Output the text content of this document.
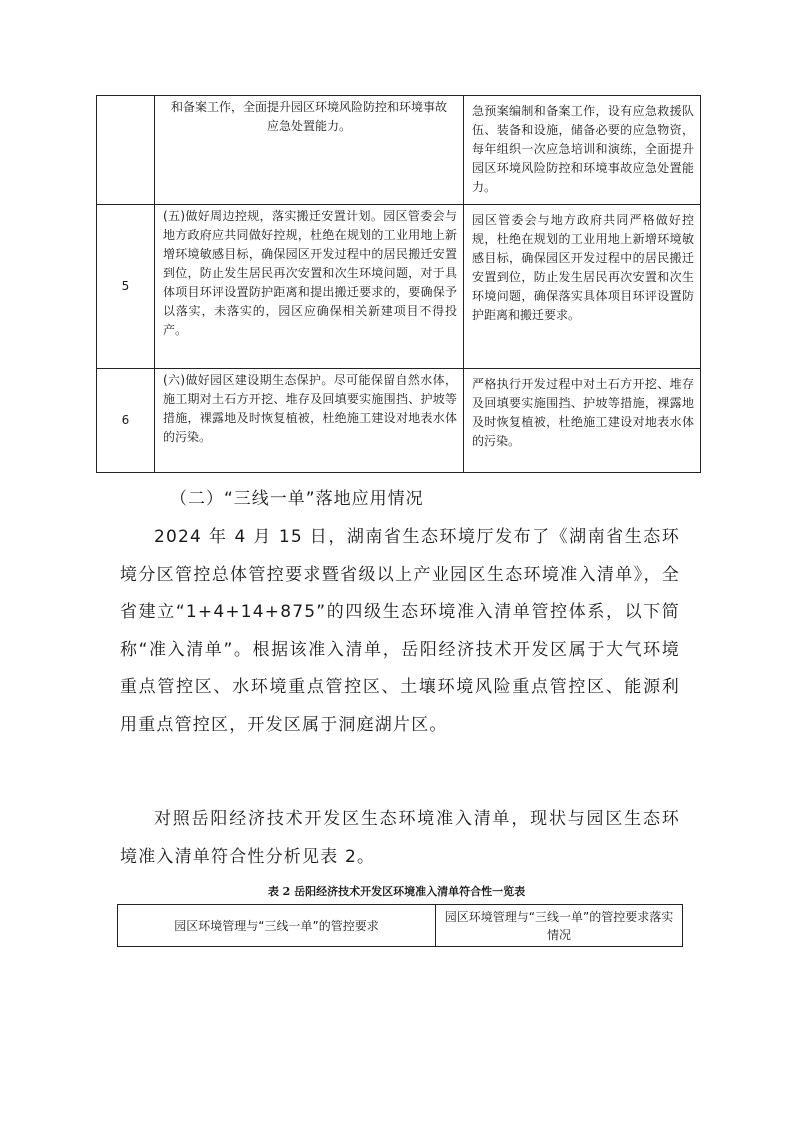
	和备案工作，全面提升园区环境风险防控和环境事故应急处置能力。	急预案编制和备案工作，设有应急救援队伍、装备和设施，储备必要的应急物资，每年组织一次应急培训和演练，全面提升园区环境风险防控和环境事故应急处置能力。

5	(五)做好周边控规，落实搬迁安置计划。园区管委会与地方政府应共同做好控规，杜绝在规划的工业用地上新增环境敏感目标，确保园区开发过程中的居民搬迁安置到位，防止发生居民再次安置和次生环境问题，对于具体项目环评设置防护距离和提出搬迁要求的，要确保予以落实，未落实的，园区应确保相关新建项目不得投产。	园区管委会与地方政府共同严格做好控规，杜绝在规划的工业用地上新增环境敏感目标，确保园区开发过程中的居民搬迁安置到位，防止发生居民再次安置和次生环境问题，确保落实具体项目环评设置防护距离和搬迁要求。

6	(六)做好园区建设期生态保护。尽可能保留自然水体，施工期对土石方开挖、堆存及回填要实施围挡、护坡等措施，裸露地及时恢复植被，杜绝施工建设对地表水体的污染。	严格执行开发过程中对土石方开挖、堆存及回填要实施围挡、护坡等措施，裸露地及时恢复植被，杜绝施工建设对地表水体的污染。
（二）“三线一单”落地应用情况
2024 年 4 月 15 日，湖南省生态环境厅发布了《湖南省生态环境分区管控总体管控要求暨省级以上产业园区生态环境准入清单》，全省建立“1+4+14+875”的四级生态环境准入清单管控体系，以下简称“准入清单”。根据该准入清单，岳阳经济技术开发区属于大气环境重点管控区、水环境重点管控区、土壤环境风险重点管控区、能源利用重点管控区，开发区属于洞庭湖片区。
对照岳阳经济技术开发区生态环境准入清单，现状与园区生态环境准入清单符合性分析见表 2。
表 2 岳阳经济技术开发区环境准入清单符合性一览表
园区环境管理与“三线一单”的管控要求	园区环境管理与“三线一单”的管控要求落实情况
